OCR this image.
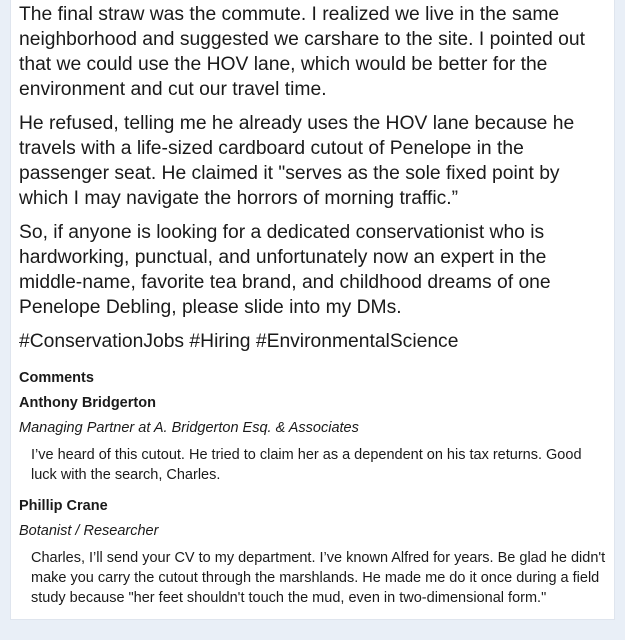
The final straw was the commute. I realized we live in the same neighborhood and suggested we carshare to the site. I pointed out that we could use the HOV lane, which would be better for the environment and cut our travel time.

He refused, telling me he already uses the HOV lane because he travels with a life-sized cardboard cutout of Penelope in the passenger seat. He claimed it "serves as the sole fixed point by which I may navigate the horrors of morning traffic.”

So, if anyone is looking for a dedicated conservationist who is hardworking, punctual, and unfortunately now an expert in the middle-name, favorite tea brand, and childhood dreams of one Penelope Debling, please slide into my DMs.

#ConservationJobs #Hiring #EnvironmentalScience

Comments
Anthony Bridgerton
Managing Partner at A. Bridgerton Esq. & Associates
I’ve heard of this cutout. He tried to claim her as a dependent on his tax returns. Good luck with the search, Charles.
Phillip Crane
Botanist / Researcher
Charles, I’ll send your CV to my department. I’ve known Alfred for years. Be glad he didn't make you carry the cutout through the marshlands. He made me do it once during a field study because "her feet shouldn't touch the mud, even in two-dimensional form."
